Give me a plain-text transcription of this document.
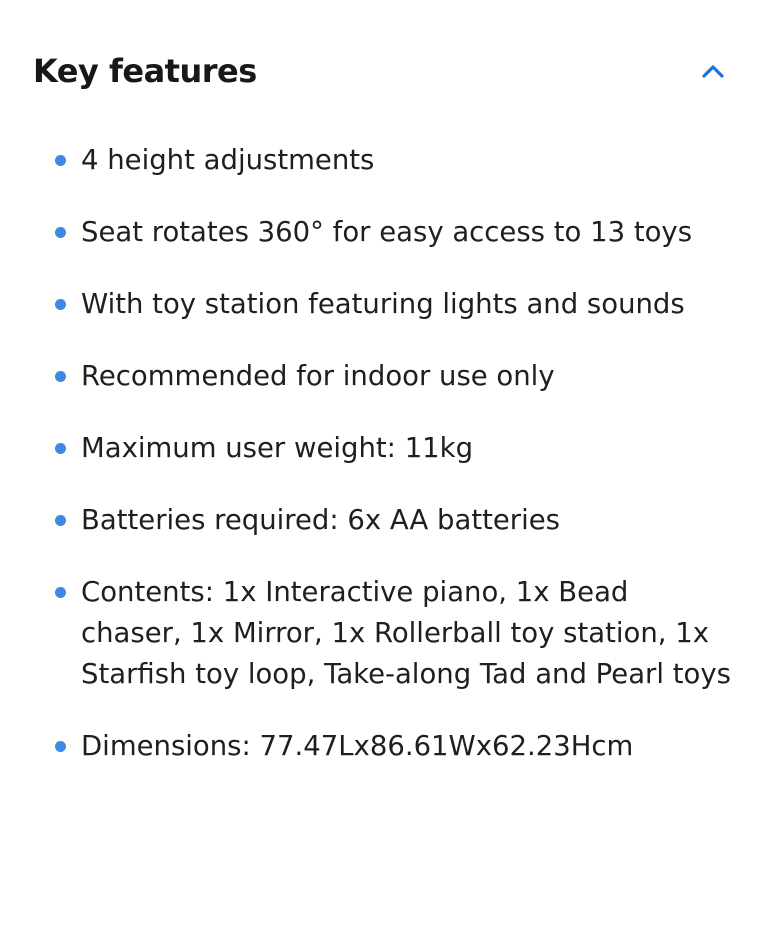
Key features
4 height adjustments
Seat rotates 360° for easy access to 13 toys
With toy station featuring lights and sounds
Recommended for indoor use only
Maximum user weight: 11kg
Batteries required: 6x AA batteries
Contents: 1x Interactive piano, 1x Bead chaser, 1x Mirror, 1x Rollerball toy station, 1x Starfish toy loop, Take-along Tad and Pearl toys
Dimensions: 77.47Lx86.61Wx62.23Hcm
